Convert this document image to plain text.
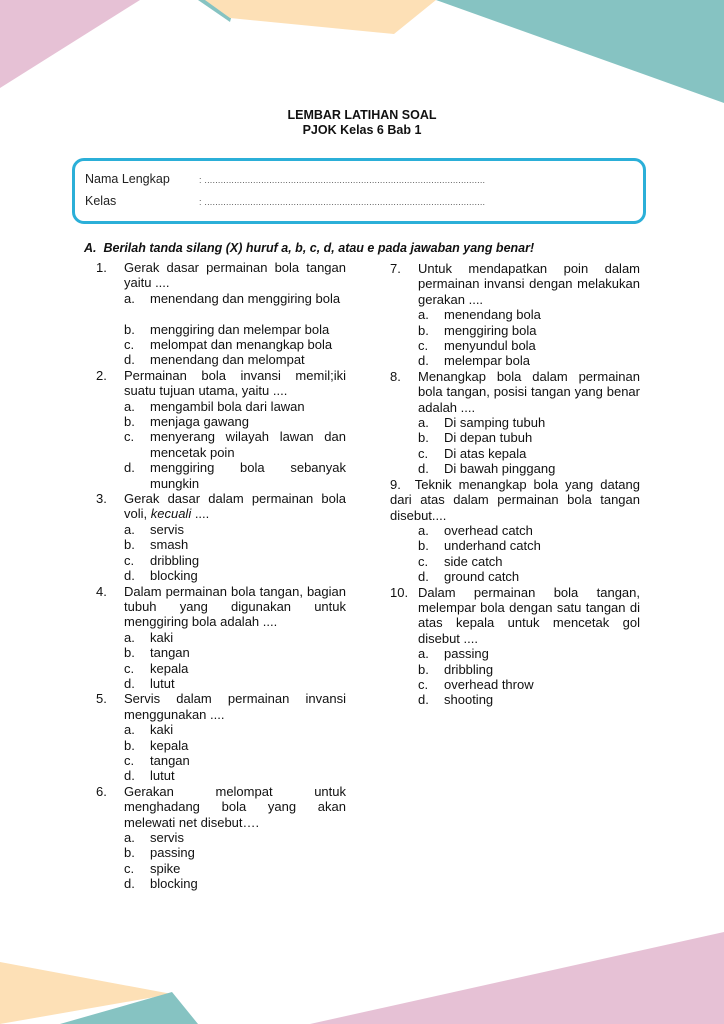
LEMBAR LATIHAN SOAL
PJOK Kelas 6 Bab 1
Nama Lengkap	: ........................................................................................................
Kelas	: ........................................................................................................
A. Berilah tanda silang (X) huruf a, b, c, d, atau e pada jawaban yang benar!
1.	Gerak dasar permainan bola tangan yaitu ....
a.	menendang dan menggiring bola
b.	menggiring dan melempar bola
c.	melompat dan menangkap bola
d.	menendang dan melompat
2.	Permainan bola invansi memil;iki suatu tujuan utama, yaitu ....
a.	mengambil bola dari lawan
b.	menjaga gawang
c.	menyerang wilayah lawan dan mencetak poin
d.	menggiring bola sebanyak mungkin
3.	Gerak dasar dalam permainan bola voli, kecuali ....
a.	servis
b.	smash
c.	dribbling
d.	blocking
4.	Dalam permainan bola tangan, bagian tubuh yang digunakan untuk menggiring bola adalah ....
a.	kaki
b.	tangan
c.	kepala
d.	lutut
5.	Servis dalam permainan invansi menggunakan ....
a.	kaki
b.	kepala
c.	tangan
d.	lutut
6.	Gerakan melompat untuk menghadang bola yang akan melewati net disebut….
a.	servis
b.	passing
c.	spike
d.	blocking
7.	Untuk mendapatkan poin dalam permainan invansi dengan melakukan gerakan ....
a.	menendang bola
b.	menggiring bola
c.	menyundul bola
d.	melempar bola
8.	Menangkap bola dalam permainan bola tangan, posisi tangan yang benar adalah ....
a.	Di samping tubuh
b.	Di depan tubuh
c.	Di atas kepala
d.	Di bawah pinggang
9. Teknik menangkap bola yang datang dari atas dalam permainan bola tangan disebut....
a.	overhead catch
b.	underhand catch
c.	side catch
d.	ground catch
10. Dalam permainan bola tangan, melempar bola dengan satu tangan di atas kepala untuk mencetak gol disebut ....
a.	passing
b.	dribbling
c.	overhead throw
d.	shooting
